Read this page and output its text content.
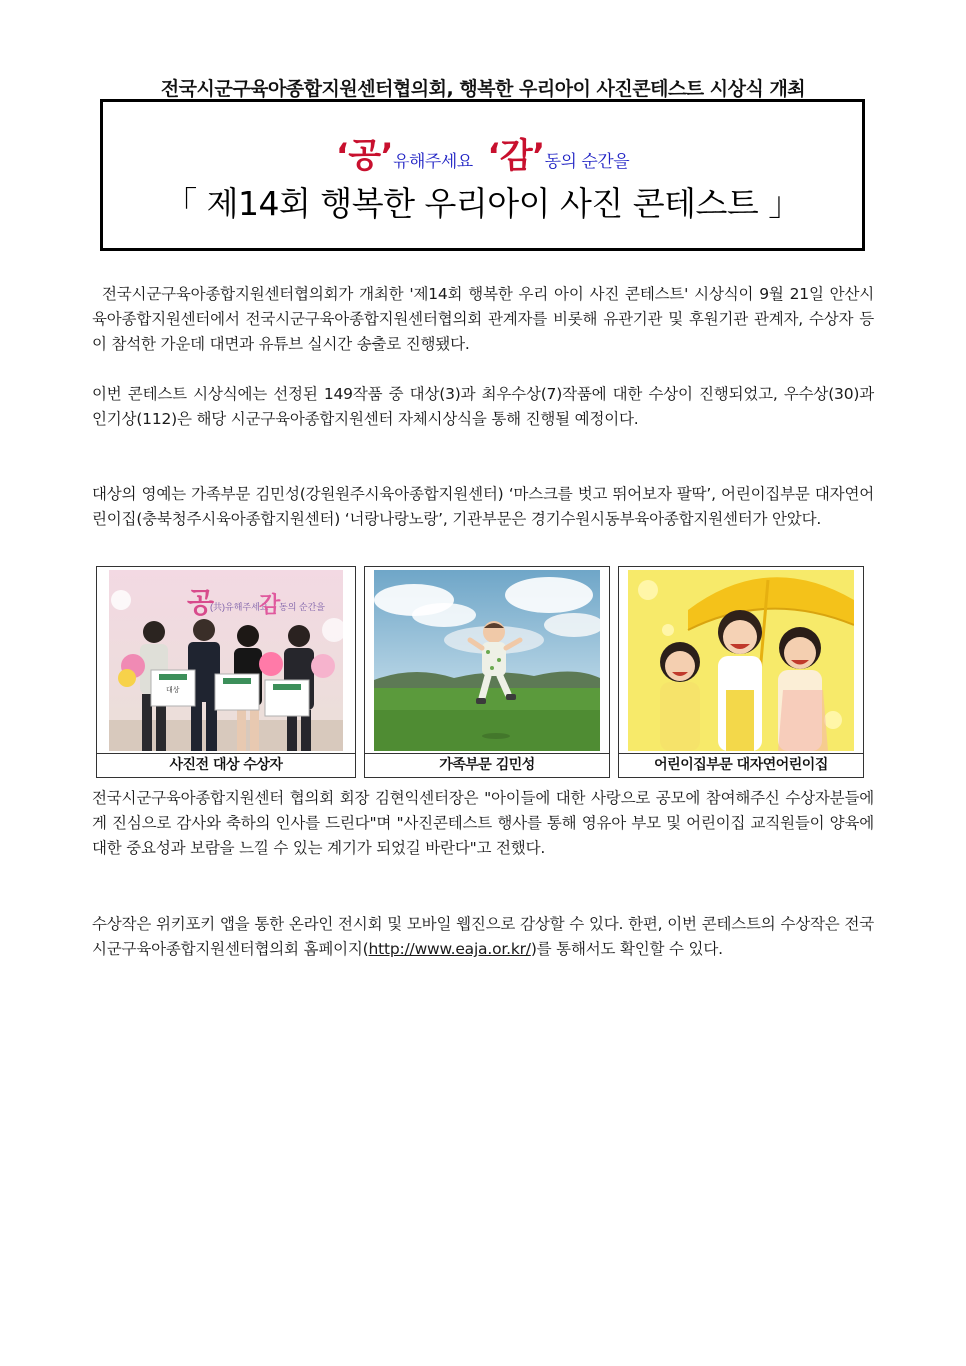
전국시군구육아종합지원센터협의회, 행복한 우리아이 사진콘테스트 시상식 개최
‘공’유해주세요 ‘감’동의 순간을
「 제14회 행복한 우리아이 사진 콘테스트 」
전국시군구육아종합지원센터협의회가 개최한 '제14회 행복한 우리 아이 사진 콘테스트' 시상식이 9월 21일 안산시육아종합지원센터에서 전국시군구육아종합지원센터협의회 관계자를 비롯해 유관기관 및 후원기관 관계자, 수상자 등이 참석한 가운데 대면과 유튜브 실시간 송출로 진행됐다.
이번 콘테스트 시상식에는 선정된 149작품 중 대상(3)과 최우수상(7)작품에 대한 수상이 진행되었고, 우수상(30)과 인기상(112)은 해당 시군구육아종합지원센터 자체시상식을 통해 진행될 예정이다.
대상의 영예는 가족부문 김민성(강원원주시육아종합지원센터) ‘마스크를 벗고 뛰어보자 팔딱’, 어린이집부문 대자연어린이집(충북청주시육아종합지원센터) ‘너랑나랑노랑’, 기관부문은 경기수원시동부육아종합지원센터가 안았다.
공
(共)유해주세요
감
동의 순간을
대상
사진전 대상 수상자	가족부문 김민성	어린이집부문 대자연어린이집
전국시군구육아종합지원센터 협의회 회장 김현익센터장은 "아이들에 대한 사랑으로 공모에 참여해주신 수상자분들에게 진심으로 감사와 축하의 인사를 드린다"며 "사진콘테스트 행사를 통해 영유아 부모 및 어린이집 교직원들이 양육에 대한 중요성과 보람을 느낄 수 있는 계기가 되었길 바란다"고 전했다.
수상작은 위키포키 앱을 통한 온라인 전시회 및 모바일 웹진으로 감상할 수 있다. 한편, 이번 콘테스트의 수상작은 전국시군구육아종합지원센터협의회 홈페이지(http://www.eaja.or.kr/)를 통해서도 확인할 수 있다.
